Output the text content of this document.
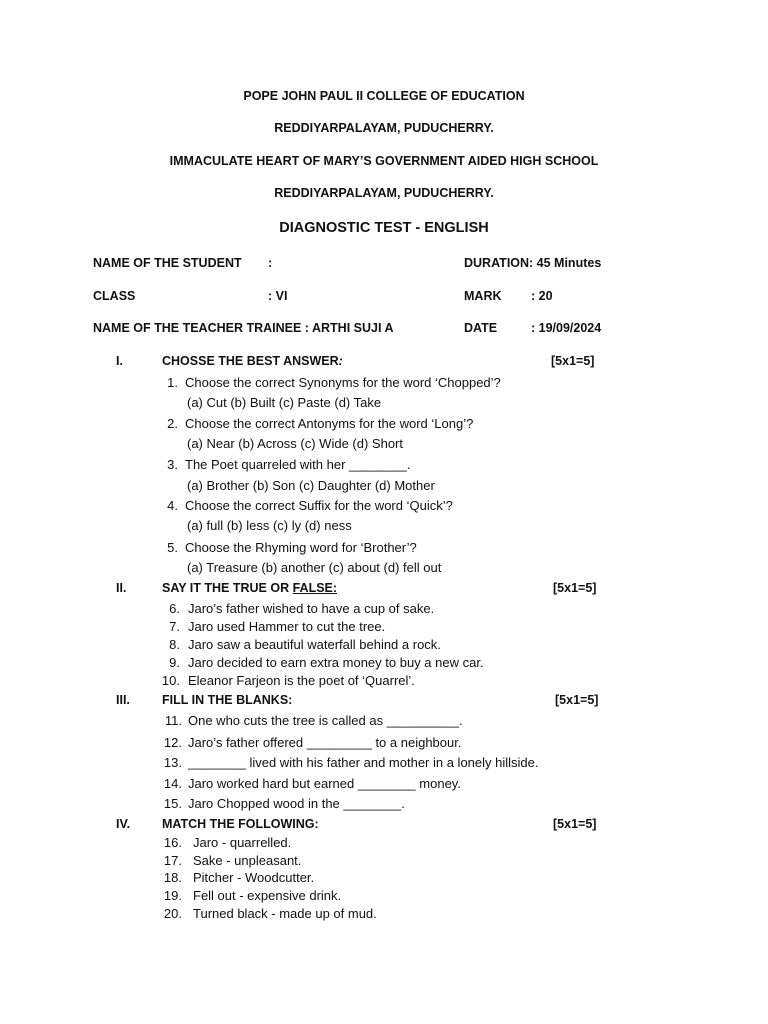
POPE JOHN PAUL II COLLEGE OF EDUCATION
REDDIYARPALAYAM, PUDUCHERRY.
IMMACULATE HEART OF MARY’S GOVERNMENT AIDED HIGH SCHOOL
REDDIYARPALAYAM, PUDUCHERRY.
DIAGNOSTIC TEST - ENGLISH
NAME OF THE STUDENT :	DURATION: 45 Minutes
CLASS	: VI	MARK : 20
NAME OF THE TEACHER TRAINEE : ARTHI SUJI A	DATE	: 19/09/2024
I.	CHOSSE THE BEST ANSWER:	[5x1=5]
1. Choose the correct Synonyms for the word ‘Chopped’?
(a) Cut (b) Built (c) Paste (d) Take
2. Choose the correct Antonyms for the word ‘Long’?
(a) Near (b) Across (c) Wide (d) Short
3. The Poet quarreled with her ________.
(a) Brother (b) Son (c) Daughter (d) Mother
4. Choose the correct Suffix for the word ‘Quick’?
(a) full (b) less (c) ly (d) ness
5. Choose the Rhyming word for ‘Brother’?
(a) Treasure (b) another (c) about (d) fell out
II.	SAY IT THE TRUE OR FALSE:	[5x1=5]
6. Jaro’s father wished to have a cup of sake.
7. Jaro used Hammer to cut the tree.
8. Jaro saw a beautiful waterfall behind a rock.
9. Jaro decided to earn extra money to buy a new car.
10. Eleanor Farjeon is the poet of ‘Quarrel’.
III.	FILL IN THE BLANKS:	[5x1=5]
11. One who cuts the tree is called as __________.
12. Jaro’s father offered _________ to a neighbour.
13. ________ lived with his father and mother in a lonely hillside.
14. Jaro worked hard but earned ________ money.
15. Jaro Chopped wood in the ________.
IV.	MATCH THE FOLLOWING:	[5x1=5]
16. Jaro - quarrelled.
17. Sake - unpleasant.
18. Pitcher - Woodcutter.
19. Fell out - expensive drink.
20. Turned black - made up of mud.
